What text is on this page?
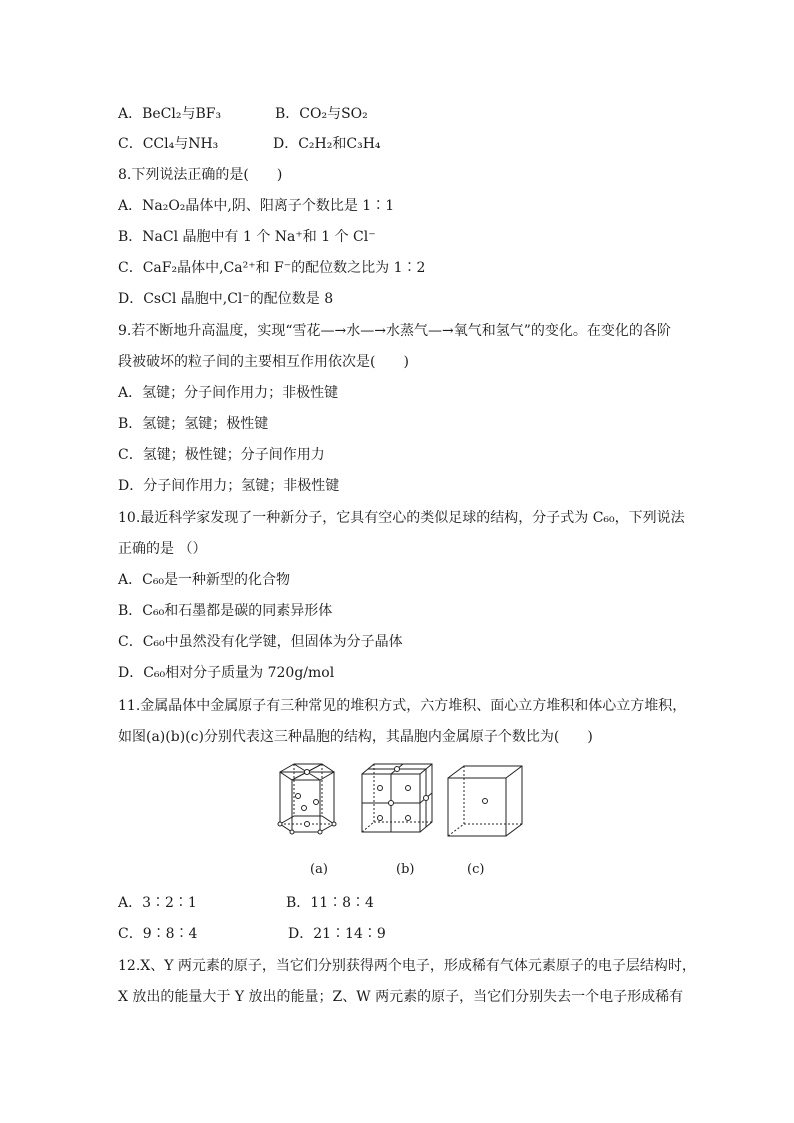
A．BeCl₂与BF₃	B．CO₂与SO₂
C．CCl₄与NH₃	D．C₂H₂和C₃H₄
8.下列说法正确的是(　　)
A．Na₂O₂晶体中,阴、阳离子个数比是 1∶1
B．NaCl 晶胞中有 1 个 Na⁺和 1 个 Cl⁻
C．CaF₂晶体中,Ca²⁺和 F⁻的配位数之比为 1∶2
D．CsCl 晶胞中,Cl⁻的配位数是 8
9.若不断地升高温度，实现“雪花—→水—→水蒸气—→氧气和氢气”的变化。在变化的各阶
段被破坏的粒子间的主要相互作用依次是(　　)
A．氢键；分子间作用力；非极性键
B．氢键；氢键；极性键
C．氢键；极性键；分子间作用力
D．分子间作用力；氢键；非极性键
10.最近科学家发现了一种新分子，它具有空心的类似足球的结构，分子式为 C₆₀，下列说法
正确的是 （）
A．C₆₀是一种新型的化合物
B．C₆₀和石墨都是碳的同素异形体
C．C₆₀中虽然没有化学键，但固体为分子晶体
D．C₆₀相对分子质量为 720g/mol
11.金属晶体中金属原子有三种常见的堆积方式，六方堆积、面心立方堆积和体心立方堆积，
如图(a)(b)(c)分别代表这三种晶胞的结构，其晶胞内金属原子个数比为(　　)
(a)	(b)	(c)
A．3∶2∶1	B．11∶8∶4
C．9∶8∶4	D．21∶14∶9
12.X、Y 两元素的原子，当它们分别获得两个电子，形成稀有气体元素原子的电子层结构时，
X 放出的能量大于 Y 放出的能量；Z、W 两元素的原子，当它们分别失去一个电子形成稀有
